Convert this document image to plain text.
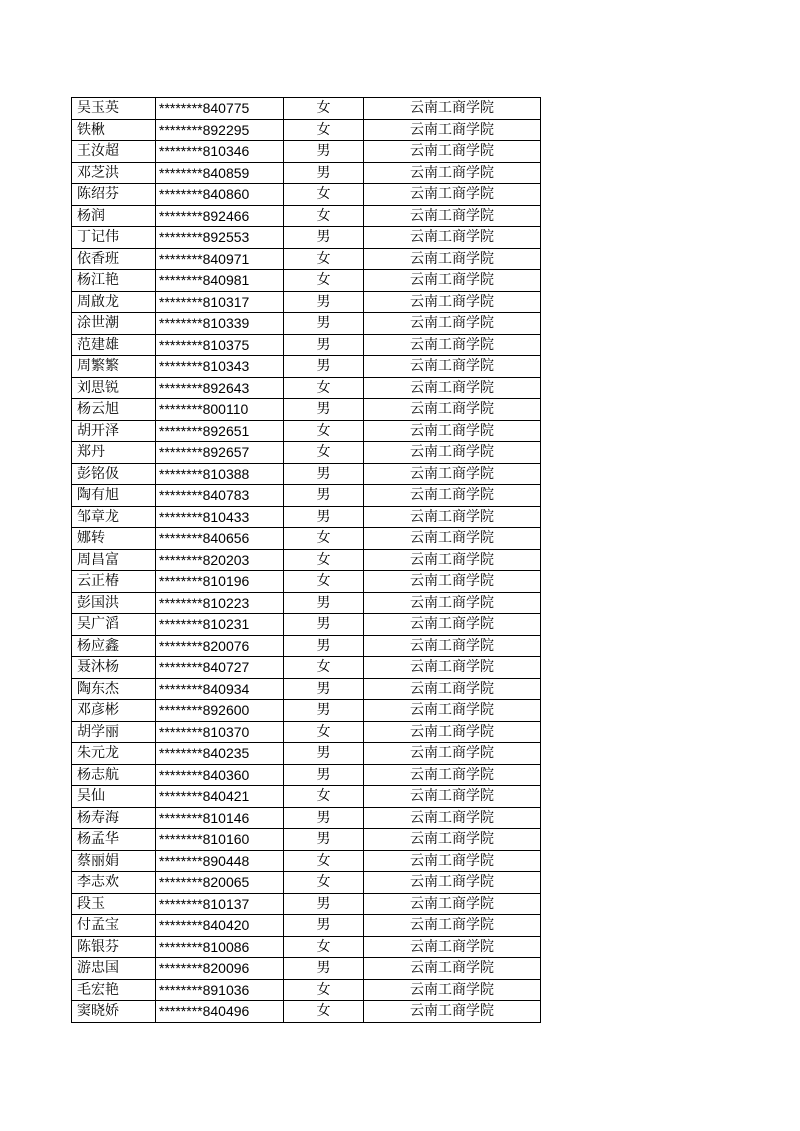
吴玉英	********840775	女	云南工商学院
铁楸	********892295	女	云南工商学院
王汝超	********810346	男	云南工商学院
邓芝洪	********840859	男	云南工商学院
陈绍芬	********840860	女	云南工商学院
杨润	********892466	女	云南工商学院
丁记伟	********892553	男	云南工商学院
依香班	********840971	女	云南工商学院
杨江艳	********840981	女	云南工商学院
周啟龙	********810317	男	云南工商学院
涂世潮	********810339	男	云南工商学院
范建雄	********810375	男	云南工商学院
周繁繁	********810343	男	云南工商学院
刘思锐	********892643	女	云南工商学院
杨云旭	********800110	男	云南工商学院
胡开泽	********892651	女	云南工商学院
郑丹	********892657	女	云南工商学院
彭铭伋	********810388	男	云南工商学院
陶有旭	********840783	男	云南工商学院
邹章龙	********810433	男	云南工商学院
娜转	********840656	女	云南工商学院
周昌富	********820203	女	云南工商学院
云正椿	********810196	女	云南工商学院
彭国洪	********810223	男	云南工商学院
吴广滔	********810231	男	云南工商学院
杨应鑫	********820076	男	云南工商学院
聂沐杨	********840727	女	云南工商学院
陶东杰	********840934	男	云南工商学院
邓彦彬	********892600	男	云南工商学院
胡学丽	********810370	女	云南工商学院
朱元龙	********840235	男	云南工商学院
杨志航	********840360	男	云南工商学院
吴仙	********840421	女	云南工商学院
杨寿海	********810146	男	云南工商学院
杨孟华	********810160	男	云南工商学院
蔡丽娟	********890448	女	云南工商学院
李志欢	********820065	女	云南工商学院
段玉	********810137	男	云南工商学院
付孟宝	********840420	男	云南工商学院
陈银芬	********810086	女	云南工商学院
游忠国	********820096	男	云南工商学院
毛宏艳	********891036	女	云南工商学院
窦晓娇	********840496	女	云南工商学院
